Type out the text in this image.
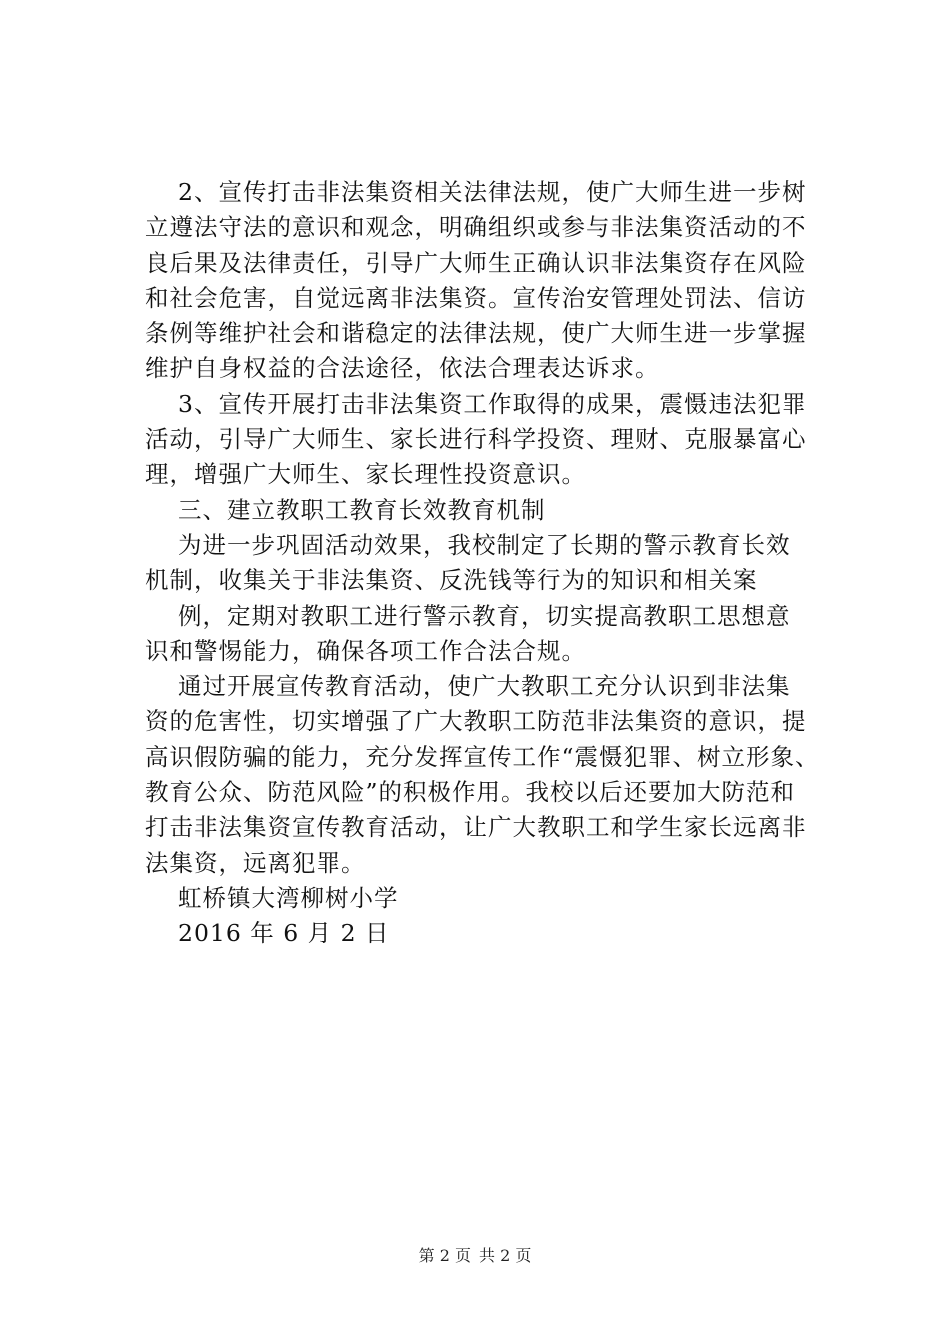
2、宣传打击非法集资相关法律法规，使广大师生进一步树
立遵法守法的意识和观念，明确组织或参与非法集资活动的不
良后果及法律责任，引导广大师生正确认识非法集资存在风险
和社会危害，自觉远离非法集资。宣传治安管理处罚法、信访
条例等维护社会和谐稳定的法律法规，使广大师生进一步掌握
维护自身权益的合法途径，依法合理表达诉求。
3、宣传开展打击非法集资工作取得的成果，震慑违法犯罪
活动，引导广大师生、家长进行科学投资、理财、克服暴富心
理，增强广大师生、家长理性投资意识。
三、建立教职工教育长效教育机制
为进一步巩固活动效果，我校制定了长期的警示教育长效
机制，收集关于非法集资、反洗钱等行为的知识和相关案
例，定期对教职工进行警示教育，切实提高教职工思想意
识和警惕能力，确保各项工作合法合规。
通过开展宣传教育活动，使广大教职工充分认识到非法集
资的危害性，切实增强了广大教职工防范非法集资的意识，提
高识假防骗的能力，充分发挥宣传工作“震慑犯罪、树立形象、
教育公众、防范风险”的积极作用。我校以后还要加大防范和
打击非法集资宣传教育活动，让广大教职工和学生家长远离非
法集资，远离犯罪。
虹桥镇大湾柳树小学
2016 年 6 月 2 日
第 2 页 共 2 页
